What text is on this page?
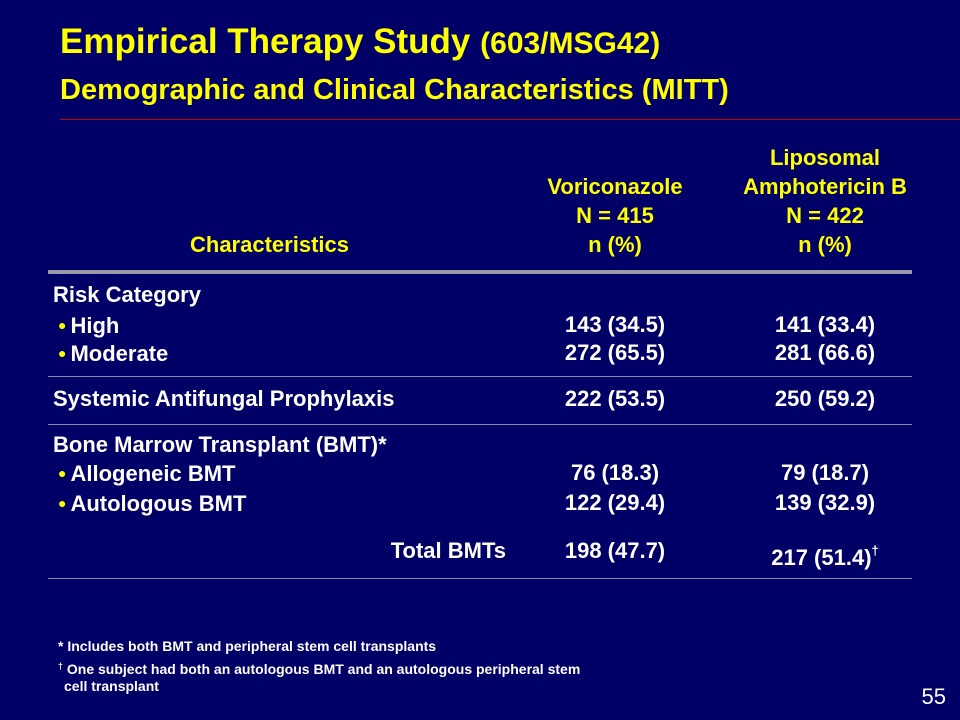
Empirical Therapy Study (603/MSG42)
Demographic and Clinical Characteristics (MITT)
Characteristics
Voriconazole
N = 415
n (%)
Liposomal
Amphotericin B
N = 422
n (%)
Risk Category
● High	143 (34.5)	141 (33.4)
● Moderate	272 (65.5)	281 (66.6)
Systemic Antifungal Prophylaxis	222 (53.5)	250 (59.2)
Bone Marrow Transplant (BMT)*
● Allogeneic BMT	76 (18.3)	79 (18.7)
● Autologous BMT	122 (29.4)	139 (32.9)
Total BMTs	198 (47.7)	217 (51.4)†
* Includes both BMT and peripheral stem cell transplants
† One subject had both an autologous BMT and an autologous peripheral stem
cell transplant	55
